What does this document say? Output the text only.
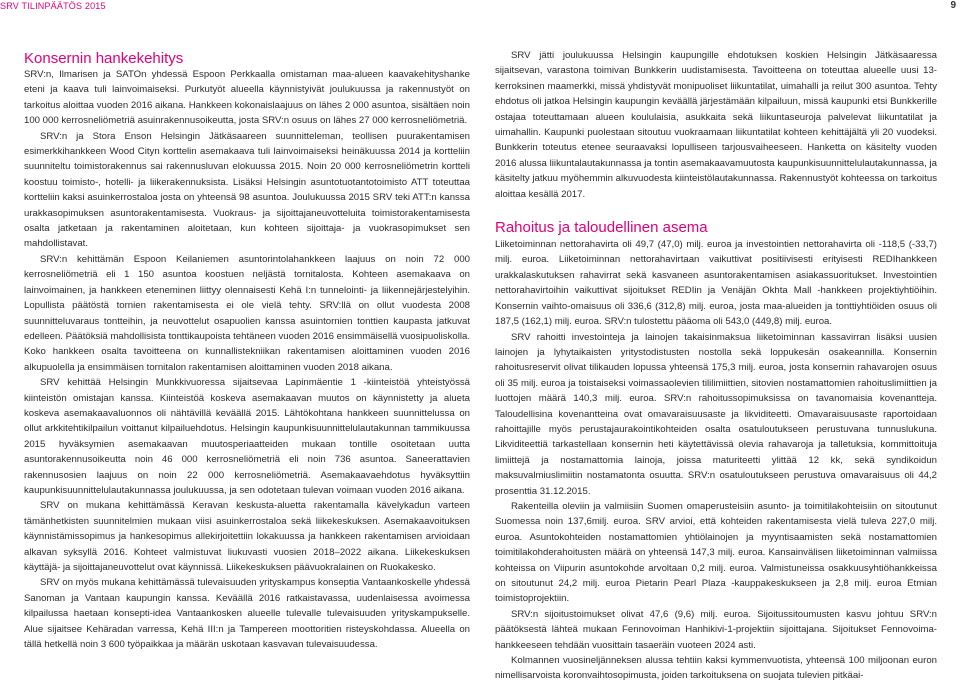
SRV TILINPÄÄTÖS 2015	9
Konsernin hankekehitys

SRV:n, Ilmarisen ja SATOn yhdessä Espoon Perkkaalla omistaman maa-alueen kaavakehityshanke eteni ja kaava tuli lainvoimaiseksi. Purkutyöt alueella käynnistyivät joulukuussa ja rakennustyöt on tarkoitus aloittaa vuoden 2016 aikana. Hankkeen kokonaislaajuus on lähes 2 000 asuntoa, sisältäen noin 100 000 kerrosneliömetriä asuinrakennusoikeutta, josta SRV:n osuus on lähes 27 000 kerrosneliömetriä.

SRV:n ja Stora Enson Helsingin Jätkäsaareen suunnitteleman, teollisen puurakentamisen esimerkkihankkeen Wood Cityn korttelin asemakaava tuli lainvoimaiseksi heinäkuussa 2014 ja kortteliin suunniteltu toimistorakennus sai rakennusluvan elokuussa 2015. Noin 20 000 kerrosneliömetrin kortteli koostuu toimisto-, hotelli- ja liikerakennuksista. Lisäksi Helsingin asuntotuotantotoimisto ATT toteuttaa kortteliin kaksi asuinkerrostaloa josta on yhteensä 98 asuntoa. Joulukuussa 2015 SRV teki ATT:n kanssa urakkasopimuksen asuntorakentamisesta. Vuokraus- ja sijoittajaneuvotteluita toimistorakentamisesta osalta jatketaan ja rakentaminen aloitetaan, kun kohteen sijoittaja- ja vuokrasopimukset sen mahdollistavat.

SRV:n kehittämän Espoon Keilaniemen asuntorintolahankkeen laajuus on noin 72 000 kerrosneliömetriä eli 1 150 asuntoa koostuen neljästä tornitalosta. Kohteen asemakaava on lainvoimainen, ja hankkeen eteneminen liittyy olennaisesti Kehä I:n tunnelointi- ja liikennejärjestelyihin. Lopullista päätöstä tornien rakentamisesta ei ole vielä tehty. SRV:llä on ollut vuodesta 2008 suunnitteluvaraus tontteihin, ja neuvottelut osapuolien kanssa asuintornien tonttien kaupasta jatkuvat edelleen. Päätöksiä mahdollisista tonttikaupoista tehtäneen vuoden 2016 ensimmäisellä vuosipuoliskolla. Koko hankkeen osalta tavoitteena on kunnallistekniikan rakentamisen aloittaminen vuoden 2016 alkupuolella ja ensimmäisen tornitalon rakentamisen aloittaminen vuoden 2018 aikana.

SRV kehittää Helsingin Munkkivuoressa sijaitsevaa Lapinmäentie 1 -kiinteistöä yhteistyössä kiinteistön omistajan kanssa. Kiinteistöä koskeva asemakaavan muutos on käynnistetty ja alueta koskeva asemakaavaluonnos oli nähtävillä keväällä 2015. Lähtökohtana hankkeen suunnittelussa on ollut arkkitehtikilpailun voittanut kilpailuehdotus. Helsingin kaupunkisuunnittelulautakunnan tammikuussa 2015 hyväksymien asemakaavan muutosperiaatteiden mukaan tontille osoitetaan uutta asuntorakennusoikeutta noin 46 000 kerrosneliömetriä eli noin 736 asuntoa. Saneerattavien rakennusosien laajuus on noin 22 000 kerrosneliömetriä. Asemakaavaehdotus hyväksyttiin kaupunkisuunnittelulautakunnassa joulukuussa, ja sen odotetaan tulevan voimaan vuoden 2016 aikana.

SRV on mukana kehittämässä Keravan keskusta-aluetta rakentamalla kävelykadun varteen tämänhetkisten suunnitelmien mukaan viisi asuinkerrostaloa sekä liikekeskuksen. Asemakaavoituksen käynnistämissopimus ja hankesopimus allekirjoitettiin lokakuussa ja hankkeen rakentamisen arvioidaan alkavan syksyllä 2016. Kohteet valmistuvat liukuvasti vuosien 2018–2022 aikana. Liikekeskuksen käyttäjä- ja sijoittajaneuvottelut ovat käynnissä. Liikekeskuksen päävuokralainen on Ruokakesko.

SRV on myös mukana kehittämässä tulevaisuuden yrityskampus konseptia Vantaankoskelle yhdessä Sanoman ja Vantaan kaupungin kanssa. Keväällä 2016 ratkaistavassa, uudenlaisessa avoimessa kilpailussa haetaan konsepti-idea Vantaankosken alueelle tulevalle tulevaisuuden yrityskampukselle. Alue sijaitsee Kehäradan varressa, Kehä III:n ja Tampereen moottoritien risteyskohdassa. Alueella on tällä hetkellä noin 3 600 työpaikkaa ja määrän uskotaan kasvavan tulevaisuudessa.

SRV jätti joulukuussa Helsingin kaupungille ehdotuksen koskien Helsingin Jätkäsaaressa sijaitsevan, varastona toimivan Bunkkerin uudistamisesta. Tavoitteena on toteuttaa alueelle uusi 13-kerroksinen maamerkki, missä yhdistyvät monipuoliset liikuntatilat, uimahalli ja reilut 300 asuntoa. Tehty ehdotus oli jatkoa Helsingin kaupungin keväällä järjestämään kilpailuun, missä kaupunki etsi Bunkkerille ostajaa toteuttamaan alueen koululaisia, asukkaita sekä liikuntaseuroja palvelevat liikuntatilat ja uimahallin. Kaupunki puolestaan sitoutuu vuokraamaan liikuntatilat kohteen kehittäjältä yli 20 vuodeksi. Bunkkerin toteutus etenee seuraavaksi lopulliseen tarjousvaiheeseen. Hanketta on käsitelty vuoden 2016 alussa liikuntalautakunnassa ja tontin asemakaavamuutosta kaupunkisuunnittelulautakunnassa, ja käsitelty jatkuu myöhemmin alkuvuodesta kiinteistölautakunnassa. Rakennustyöt kohteessa on tarkoitus aloittaa kesällä 2017.

Rahoitus ja taloudellinen asema

Liiketoiminnan nettorahavirta oli 49,7 (47,0) milj. euroa ja investointien nettorahavirta oli -118,5 (-33,7) milj. euroa. Liiketoiminnan nettorahavirtaan vaikuttivat positiivisesti erityisesti REDIhankkeen urakkalaskutuksen rahavirrat sekä kasvaneen asuntorakentamisen asiakassuoritukset. Investointien nettorahavirtoihin vaikuttivat sijoitukset REDIin ja Venäjän Okhta Mall -hankkeen projektiyhtiöihin. Konsernin vaihto-omaisuus oli 336,6 (312,8) milj. euroa, josta maa-alueiden ja tonttiyhtiöiden osuus oli 187,5 (162,1) milj. euroa. SRV:n tulostettu pääoma oli 543,0 (449,8) milj. euroa.

SRV rahoitti investointeja ja lainojen takaisinmaksua liiketoiminnan kassavirran lisäksi uusien lainojen ja lyhytaikaisten yritystodistusten nostolla sekä loppukesän osakeannilla. Konsernin rahoitusreservit olivat tilikauden lopussa yhteensä 175,3 milj. euroa, josta konsernin rahavarojen osuus oli 35 milj. euroa ja toistaiseksi voimassaolevien tililimiittien, sitovien nostamattomien rahoituslimiittien ja luottojen määrä 140,3 milj. euroa. SRV:n rahoitussopimuksissa on tavanomaisia kovenantteja. Taloudellisina kovenantteina ovat omavaraisuusaste ja likviditeetti. Omavaraisuusaste raportoidaan rahoittajille myös perustajaurakointikohteiden osalta osatuloutukseen perustuvana tunnuslukuna. Likviditeettiä tarkastellaan konsernin heti käytettävissä olevia rahavaroja ja talletuksia, kommittoituja limiittejä ja nostamattomia lainoja, joissa maturiteetti ylittää 12 kk, sekä syndikoidun maksuvalmiuslimiitin nostamatonta osuutta. SRV:n osatuloutukseen perustuva omavaraisuus oli 44,2 prosenttia 31.12.2015.

Rakenteilla oleviin ja valmiisiin Suomen omaperusteisiin asunto- ja toimitilakohteisiin on sitoutunut Suomessa noin 137,6milj. euroa. SRV arvioi, että kohteiden rakentamisesta vielä tuleva 227,0 milj. euroa. Asuntokohteiden nostamattomien yhtiölainojen ja myyntisaamisten sekä nostamattomien toimitilakohderahoitusten määrä on yhteensä 147,3 milj. euroa. Kansainvälisen liiketoiminnan valmiissa kohteissa on Viipurin asuntokohde arvoltaan 0,2 milj. euroa. Valmistuneissa osakkuusyhtiöhankkeissa on sitoutunut 24,2 milj. euroa Pietarin Pearl Plaza -kauppakeskukseen ja 2,8 milj. euroa Etmian toimistoprojektiin.

SRV:n sijoitustoimukset olivat 47,6 (9,6) milj. euroa. Sijoitussitoumusten kasvu johtuu SRV:n päätöksestä lähteä mukaan Fennovoiman Hanhikivi-1-projektiin sijoittajana. Sijoitukset Fennovoima-hankkeeseen tehdään vuosittain tasaeräin vuoteen 2024 asti.

Kolmannen vuosineljänneksen alussa tehtiin kaksi kymmenvuotista, yhteensä 100 miljoonan euron nimellisarvoista koronvaihtosopimusta, joiden tarkoituksena on suojata tulevien pitkäai-
